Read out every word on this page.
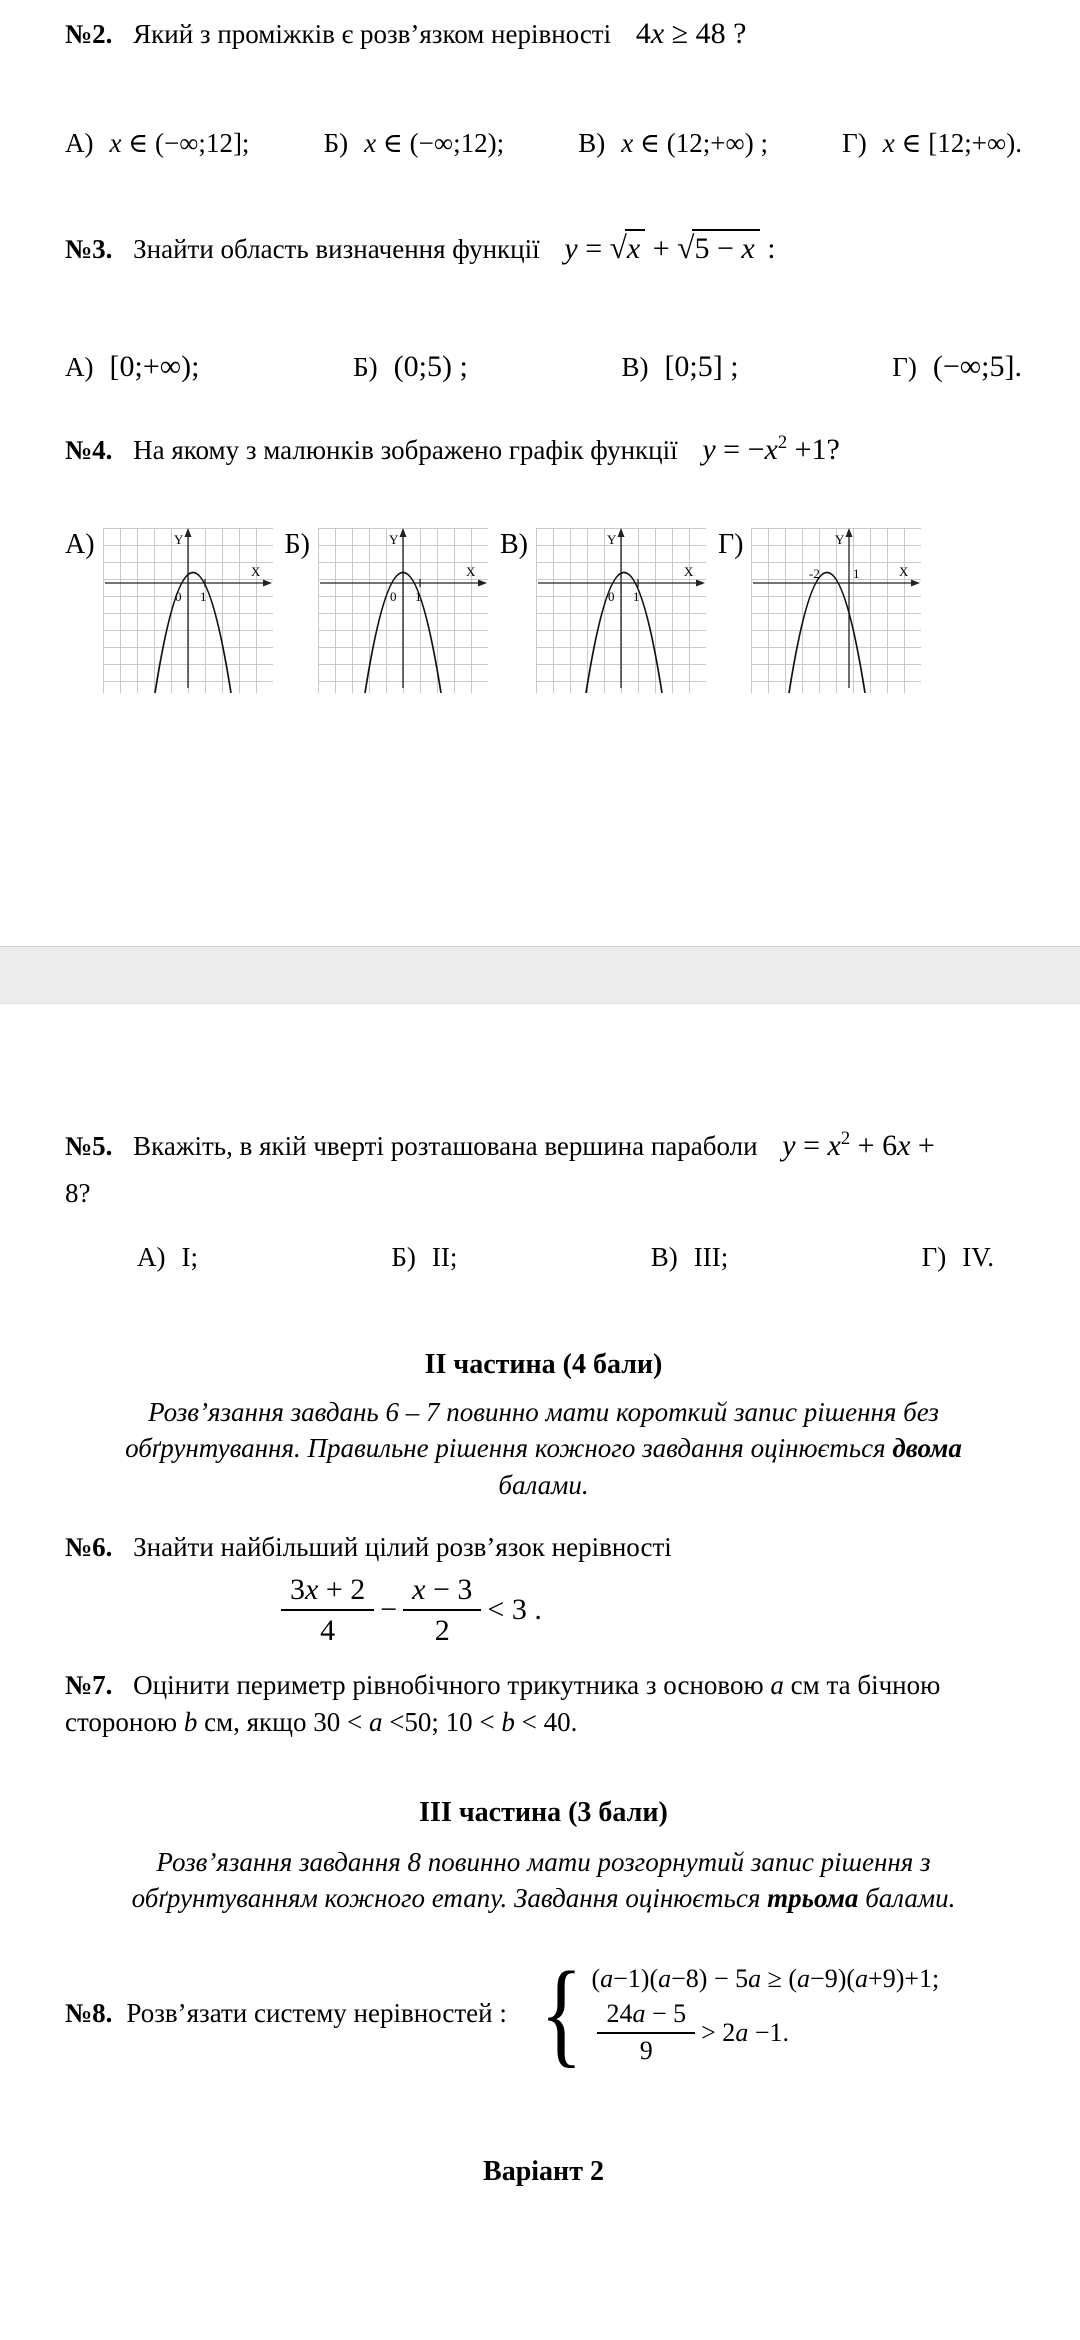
№2. Який з проміжків є розв’язком нерівності 4x ≥ 48 ?

А) x ∈ (−∞;12];	Б) x ∈ (−∞;12);	В) x ∈ (12;+∞) ;	Г) x ∈ [12;+∞).

№3. Знайти область визначення функції y = √x + √5 − x :

А) [0;+∞);	Б) (0;5) ;	В) [0;5] ;	Г) (−∞;5].

№4. На якому з малюнків зображено графік функції $y = -x^2 +1$?

А)	Y
X
0 1
Б)	Y
X
0 1
В)	Y
X
0 1
Г)	Y
X
-2	1

№5. Вкажіть, в якій чверті розташована вершина параболи $y = x^2 + 6x$ +

8?

А) I;	Б) II;	В) III;	Г) IV.

ІІ частина (4 бали)

Розв’язання завдань 6 – 7 повинно мати короткий запис рішення без обґрунтування. Правильне рішення кожного завдання оцінюється двома балами.

№6. Знайти найбільший цілий розв’язок нерівності

$\frac{3x + 2}{4} - \frac{x - 3}{2} < 3$ .

№7. Оцінити периметр рівнобічного трикутника з основою a см та бічною стороною b см, якщо 30 < a <50; 10 < b < 40.

ІІІ частина (3 бали)

Розв’язання завдання 8 повинно мати розгорнутий запис рішення з обґрунтуванням кожного етапу. Завдання оцінюється трьома балами.

№8. Розв’язати систему нерівностей : { (a−1)(a−8) − 5a ≥ (a−9)(a+9)+1;
$\frac{24a - 5}{9} > 2a -1$.

Варіант 2
